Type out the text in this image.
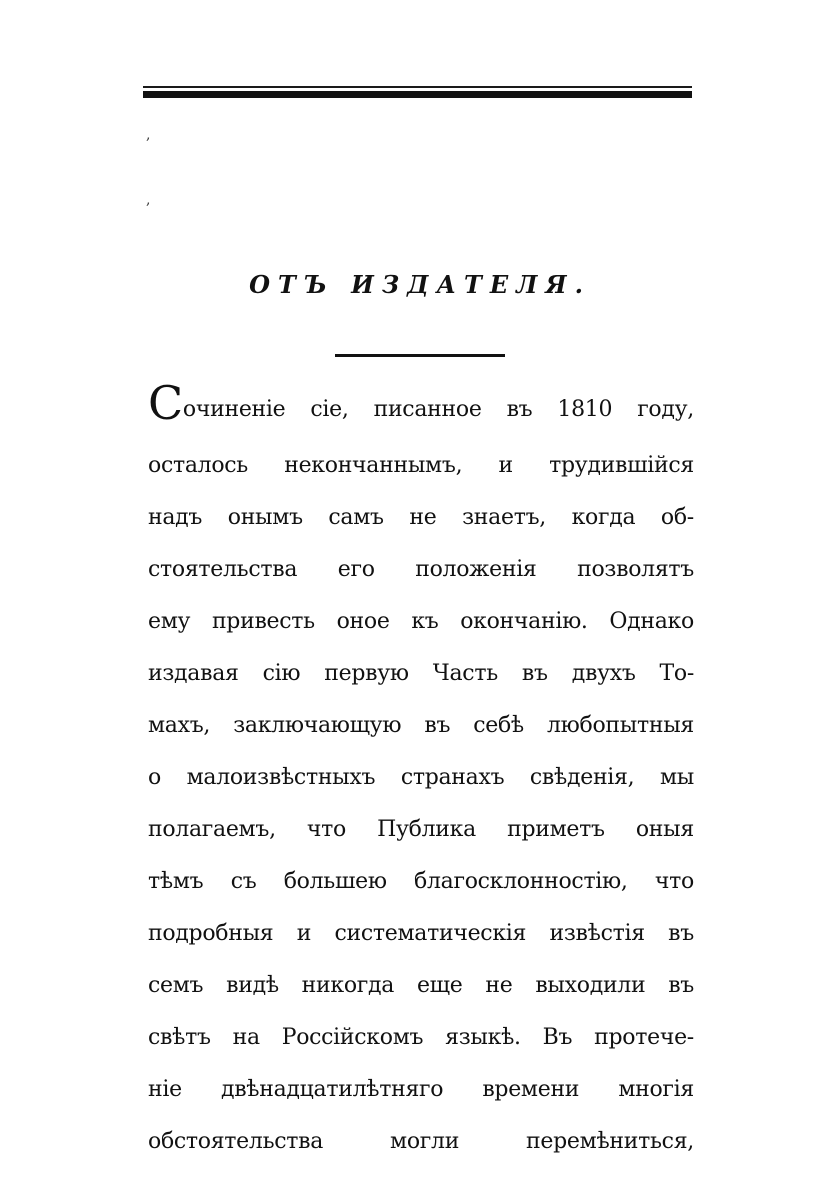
,
,
ОТЪ ИЗДАТЕЛЯ.
С очиненіе сіе, писанное въ 1810 году,
осталось некончаннымъ, и трудившійся
надъ онымъ самъ не знаетъ, когда об-
стоятельства его положенія позволятъ
ему привесть оное къ окончанію. Однако
издавая сію первую Часть въ двухъ То-
махъ, заключающую въ себѣ любопытныя
о малоизвѣстныхъ странахъ свѣденія, мы
полагаемъ, что Публика приметъ оныя
тѣмъ съ большею благосклонностію, что
подробныя и систематическія извѣстія въ
семъ видѣ никогда еще не выходили въ
свѣтъ на Россійскомъ языкѣ. Въ протече-
ніе двѣнадцатилѣтняго времени многія
обстоятельства	могли	перемѣниться,
